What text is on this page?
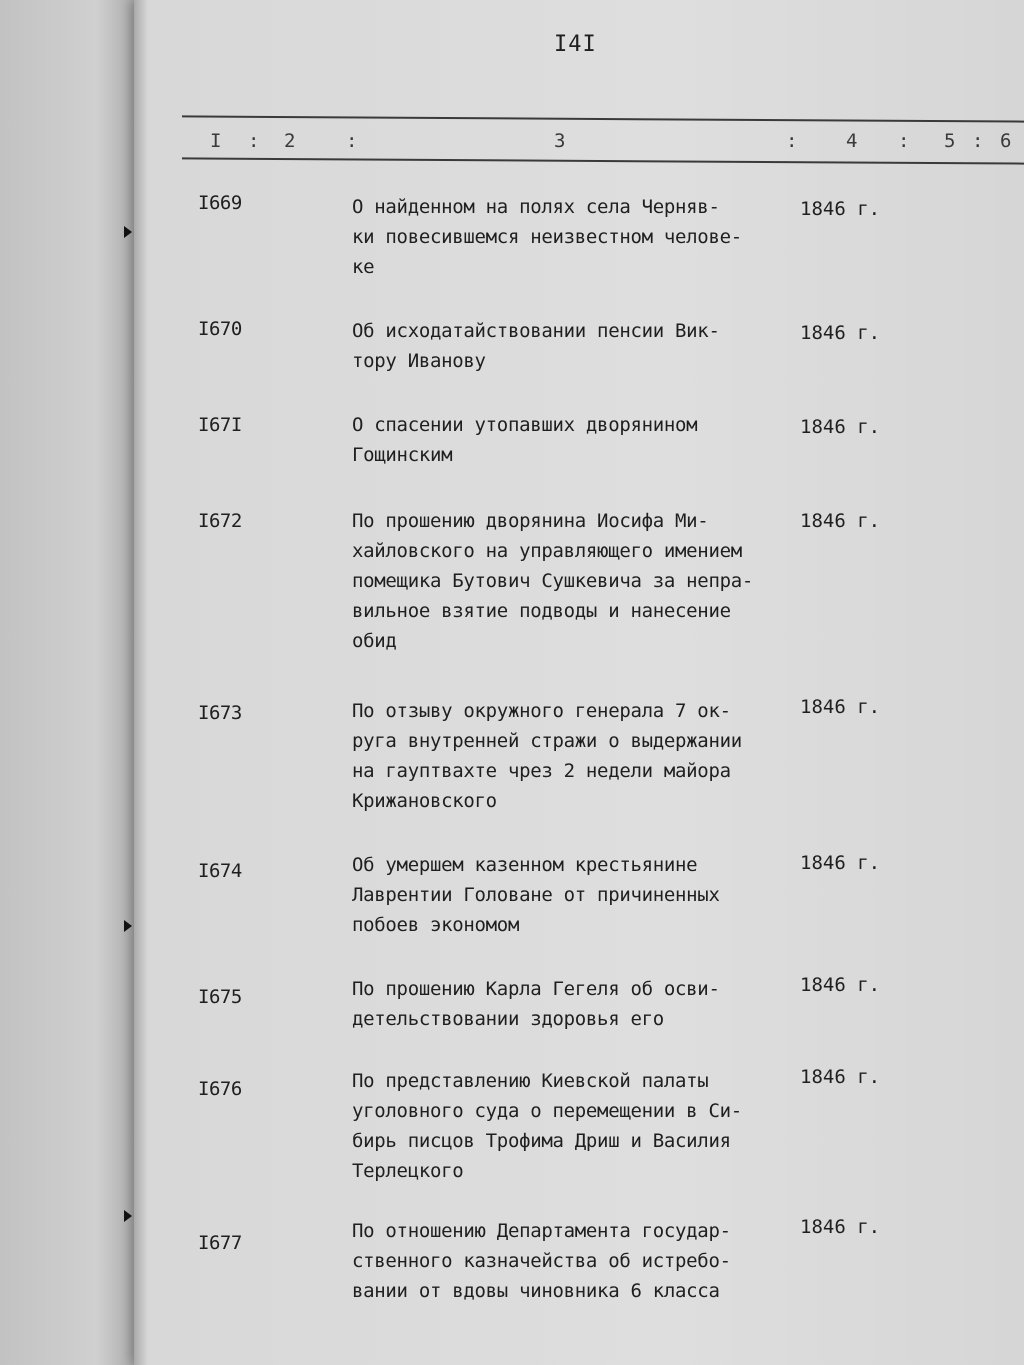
I4I
I : 2	:	3	:	4 : 5 : 6
I669	О найденном на полях села Черняв-
ки повесившемся неизвестном челове-
ке
1846 г.
I670	Об исходатайствовании пенсии Вик-
тору Иванову
1846 г.
I67I	О спасении утопавших дворянином
Гощинским
1846 г.
I672	По прошению дворянина Иосифа Ми-
хайловского на управляющего имением
помещика Бутович Сушкевича за непра-
вильное взятие подводы и нанесение
обид
1846 г.
I673	По отзыву окружного генерала 7 ок-
руга внутренней стражи о выдержании
на гауптвахте чрез 2 недели майора
Крижановского
1846 г.
I674	Об умершем казенном крестьянине
Лаврентии Головане от причиненных
побоев экономом
1846 г.
I675	По прошению Карла Гегеля об осви-
детельствовании здоровья его
1846 г.
I676	По представлению Киевской палаты
уголовного суда о перемещении в Си-
бирь писцов Трофима Дриш и Василия
Терлецкого
1846 г.
I677
По отношению Департамента государ-
ственного казначейства об истребо-
вании от вдовы чиновника 6 класса
1846 г.
